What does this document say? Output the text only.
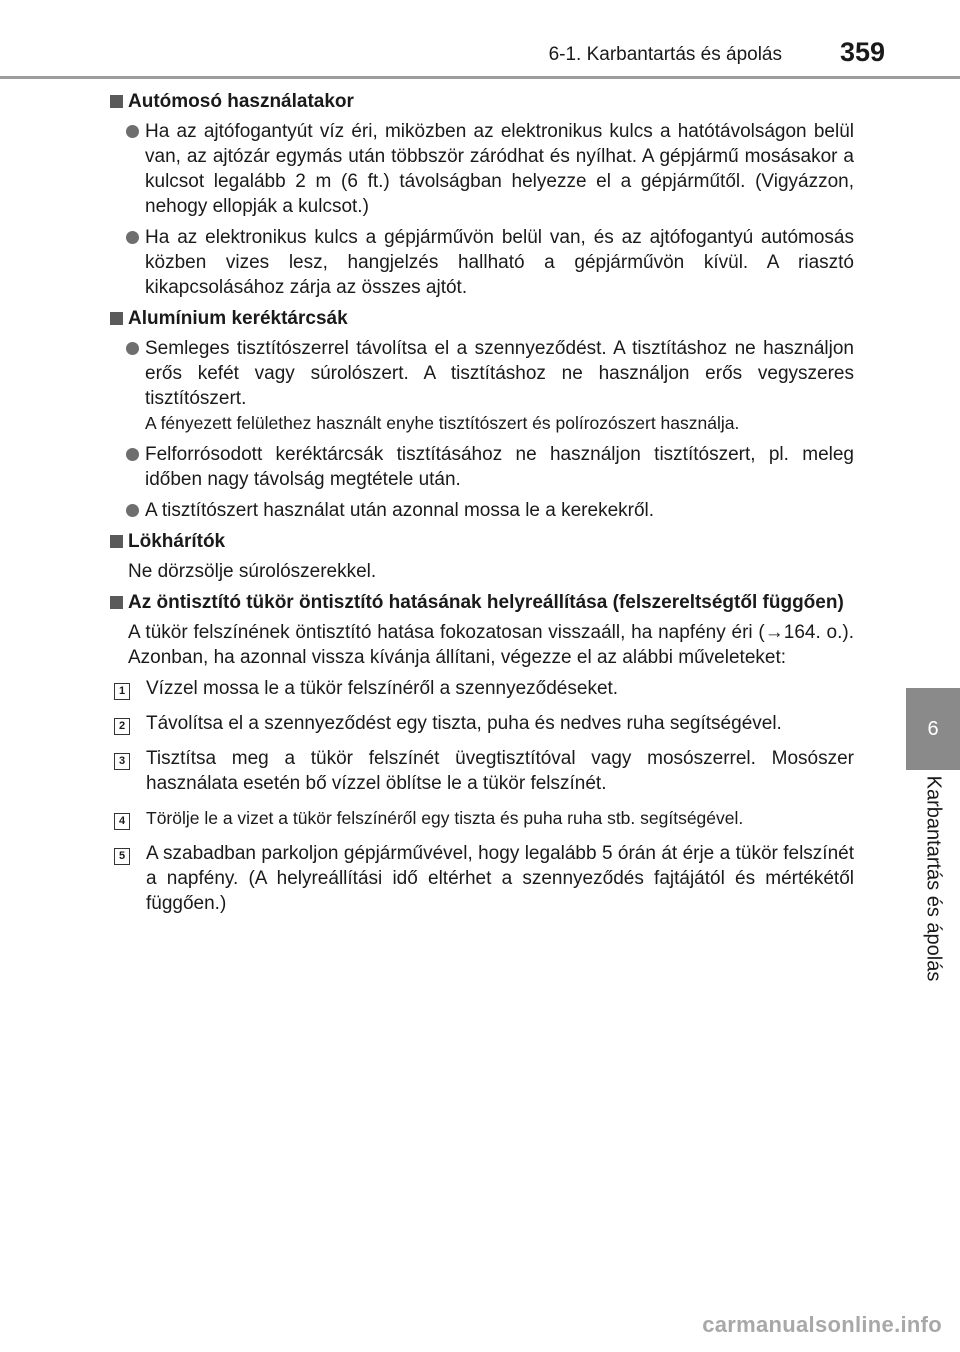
6-1. Karbantartás és ápolás 359
6
Karbantartás és ápolás
Autómosó használatakor
Ha az ajtófogantyút víz éri, miközben az elektronikus kulcs a hatótávolságon belül van, az ajtózár egymás után többször záródhat és nyílhat. A gépjármű mosásakor a kulcsot legalább 2 m (6 ft.) távolságban helyezze el a gépjárműtől. (Vigyázzon, nehogy ellopják a kulcsot.)
Ha az elektronikus kulcs a gépjárművön belül van, és az ajtófogantyú autómosás közben vizes lesz, hangjelzés hallható a gépjárművön kívül. A riasztó kikapcsolásához zárja az összes ajtót.
Alumínium keréktárcsák
Semleges tisztítószerrel távolítsa el a szennyeződést. A tisztításhoz ne használjon erős kefét vagy súrolószert. A tisztításhoz ne használjon erős vegyszeres tisztítószert.
A fényezett felülethez használt enyhe tisztítószert és polírozószert használja.
Felforrósodott keréktárcsák tisztításához ne használjon tisztítószert, pl. meleg időben nagy távolság megtétele után.
A tisztítószert használat után azonnal mossa le a kerekekről.
Lökhárítók
Ne dörzsölje súrolószerekkel.
Az öntisztító tükör öntisztító hatásának helyreállítása (felszereltségtől függően)
A tükör felszínének öntisztító hatása fokozatosan visszaáll, ha napfény éri (→164. o.). Azonban, ha azonnal vissza kívánja állítani, végezze el az alábbi műveleteket:
1	Vízzel mossa le a tükör felszínéről a szennyeződéseket.
2	Távolítsa el a szennyeződést egy tiszta, puha és nedves ruha segítségével.
3	Tisztítsa meg a tükör felszínét üvegtisztítóval vagy mosószerrel. Mosószer használata esetén bő vízzel öblítse le a tükör felszínét.
4	Törölje le a vizet a tükör felszínéről egy tiszta és puha ruha stb. segítségével.
5	A szabadban parkoljon gépjárművével, hogy legalább 5 órán át érje a tükör felszínét a napfény. (A helyreállítási idő eltérhet a szennyeződés fajtájától és mértékétől függően.)
carmanualsonline.info
